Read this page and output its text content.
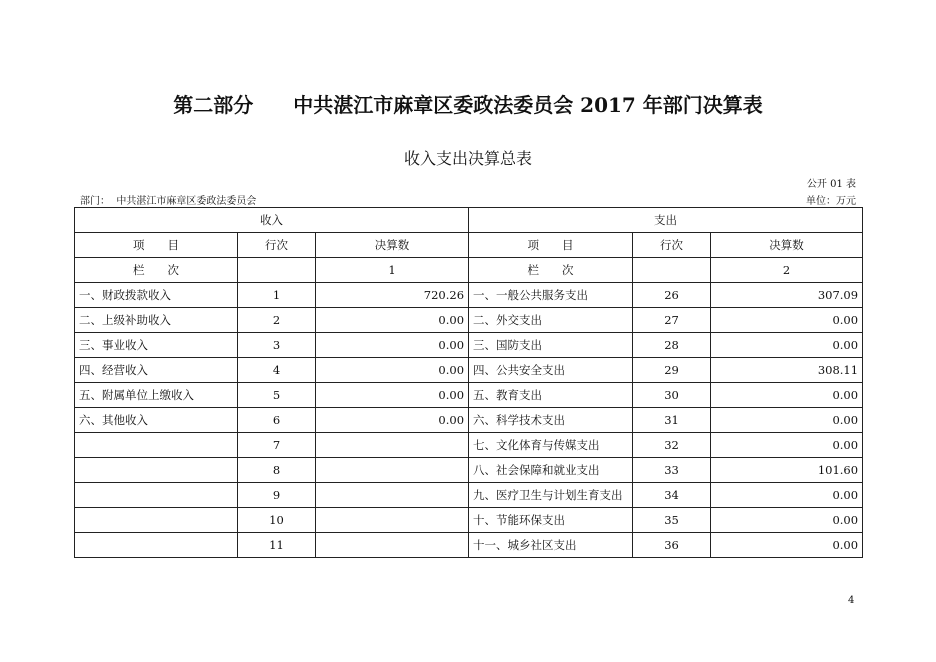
第二部分　　中共湛江市麻章区委政法委员会 2017 年部门决算表
收入支出决算总表
公开 01 表
部门： 中共湛江市麻章区委政法委员会	单位：万元
收入			支出		
项　　目	行次	决算数	项　　目	行次	决算数
栏　　次		1	栏　　次		2
一、财政拨款收入	1	720.26	一、一般公共服务支出	26	307.09
二、上级补助收入	2	0.00	二、外交支出	27	0.00
三、事业收入	3	0.00	三、国防支出	28	0.00
四、经营收入	4	0.00	四、公共安全支出	29	308.11
五、附属单位上缴收入	5	0.00	五、教育支出	30	0.00
六、其他收入	6	0.00	六、科学技术支出	31	0.00
	7		七、文化体育与传媒支出	32	0.00
	8		八、社会保障和就业支出	33	101.60
	9		九、医疗卫生与计划生育支出	34	0.00
	10		十、节能环保支出	35	0.00
	11		十一、城乡社区支出	36	0.00
4
